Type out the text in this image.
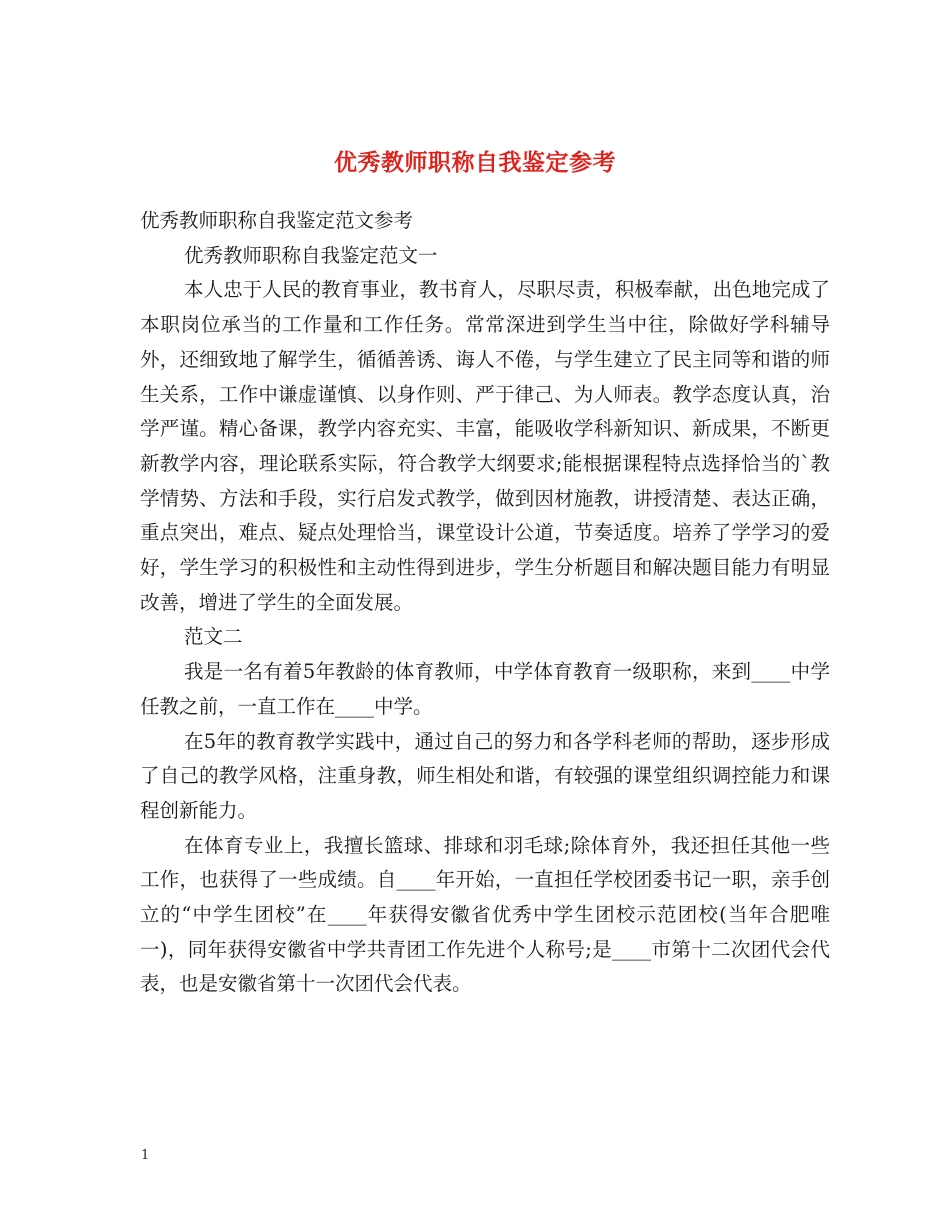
优秀教师职称自我鉴定参考

优秀教师职称自我鉴定范文参考

优秀教师职称自我鉴定范文一

本人忠于人民的教育事业，教书育人，尽职尽责，积极奉献，出色地完成了本职岗位承当的工作量和工作任务。常常深进到学生当中往，除做好学科辅导外，还细致地了解学生，循循善诱、诲人不倦，与学生建立了民主同等和谐的师生关系，工作中谦虚谨慎、以身作则、严于律己、为人师表。教学态度认真，治学严谨。精心备课，教学内容充实、丰富，能吸收学科新知识、新成果，不断更新教学内容，理论联系实际，符合教学大纲要求;能根据课程特点选择恰当的`教学情势、方法和手段，实行启发式教学，做到因材施教，讲授清楚、表达正确，重点突出，难点、疑点处理恰当，课堂设计公道，节奏适度。培养了学学习的爱好，学生学习的积极性和主动性得到进步，学生分析题目和解决题目能力有明显改善，增进了学生的全面发展。

范文二

我是一名有着5年教龄的体育教师，中学体育教育一级职称，来到____中学任教之前，一直工作在____中学。

在5年的教育教学实践中，通过自己的努力和各学科老师的帮助，逐步形成了自己的教学风格，注重身教，师生相处和谐，有较强的课堂组织调控能力和课程创新能力。

在体育专业上，我擅长篮球、排球和羽毛球;除体育外，我还担任其他一些工作，也获得了一些成绩。自____年开始，一直担任学校团委书记一职，亲手创立的“中学生团校”在____年获得安徽省优秀中学生团校示范团校(当年合肥唯一)，同年获得安徽省中学共青团工作先进个人称号;是____市第十二次团代会代表，也是安徽省第十一次团代会代表。

1
